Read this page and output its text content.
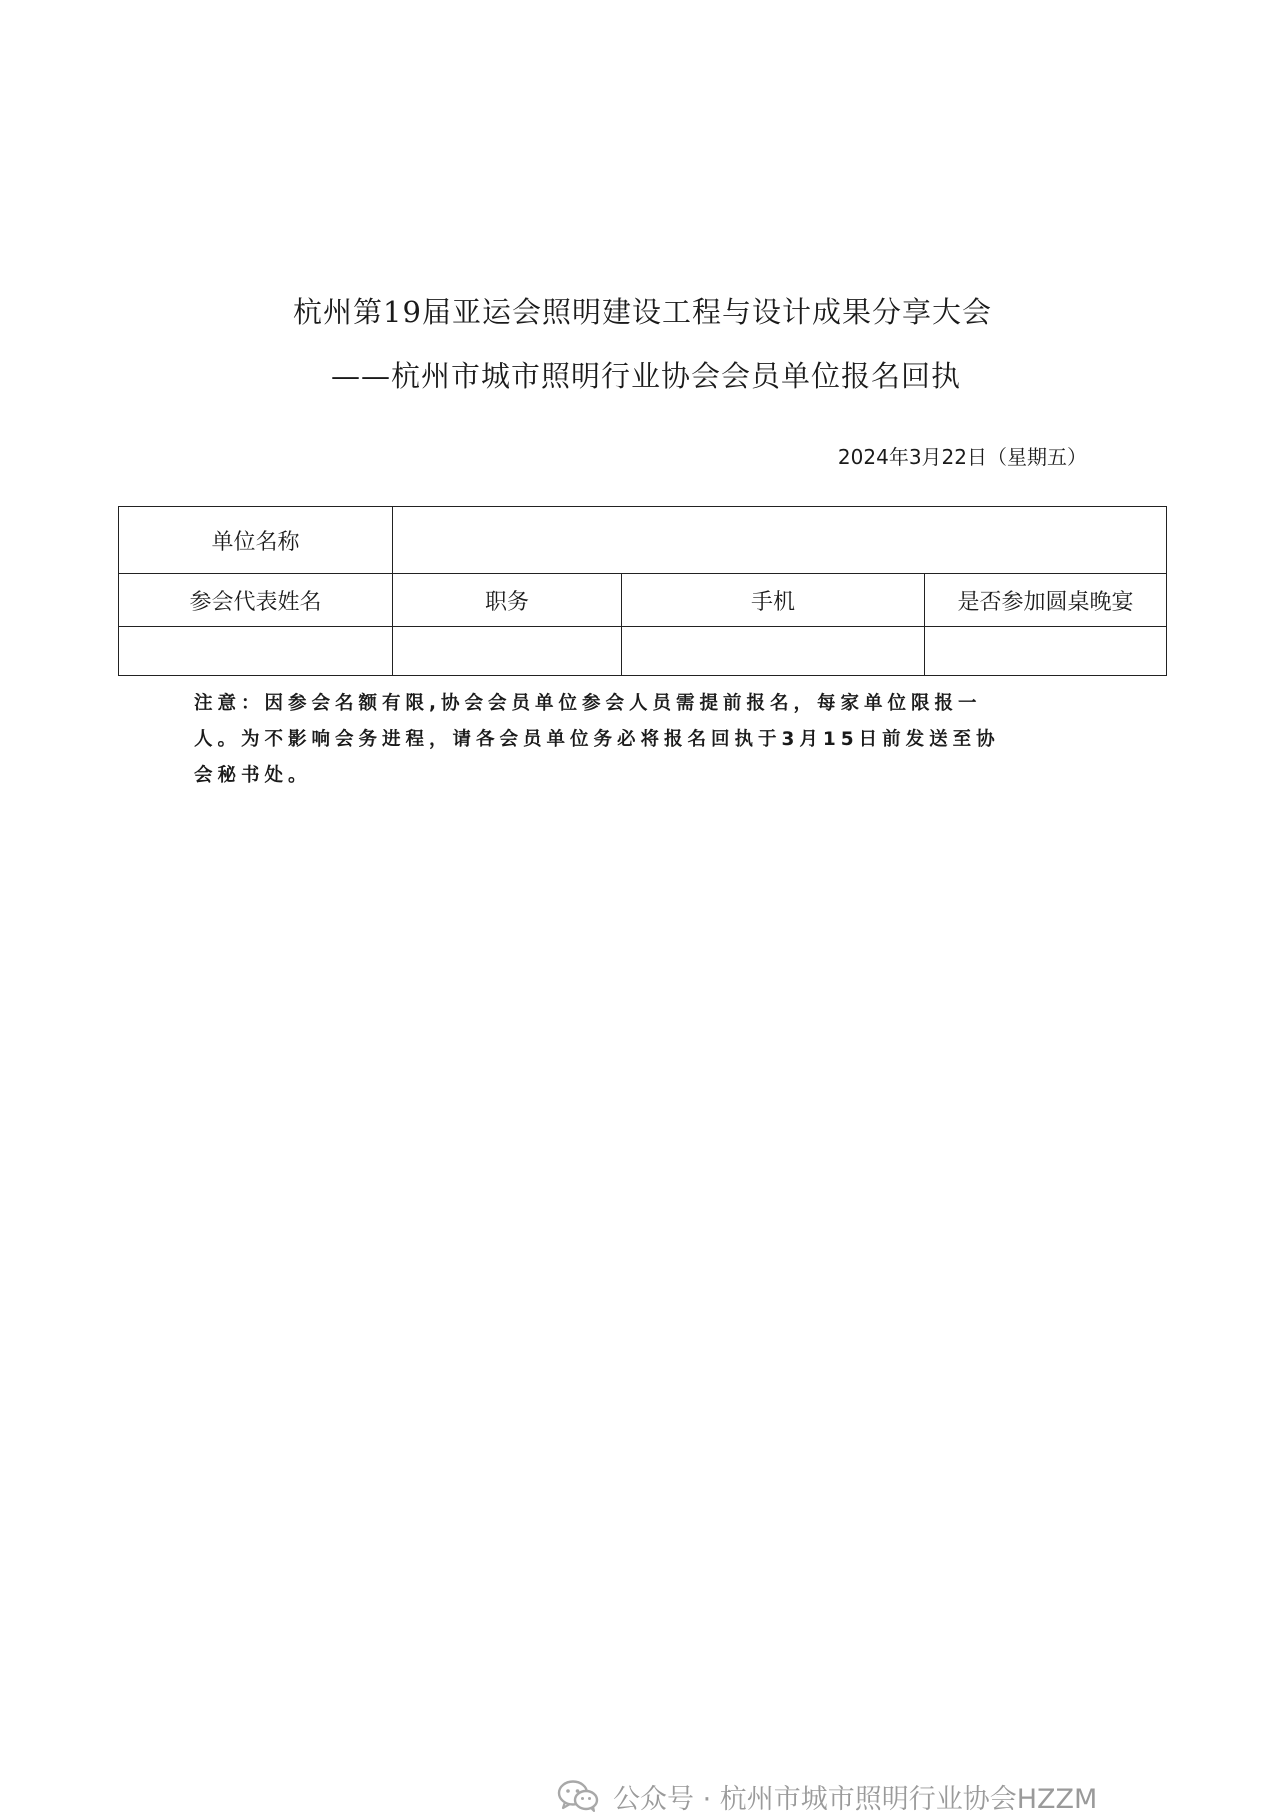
杭州第19届亚运会照明建设工程与设计成果分享大会
——杭州市城市照明行业协会会员单位报名回执
2024年3月22日（星期五）
单位名称			
参会代表姓名	职务	手机	是否参加圆桌晚宴

注意：因参会名额有限,协会会员单位参会人员需提前报名，每家单位限报一
人。为不影响会务进程，请各会员单位务必将报名回执于3月15日前发送至协
会秘书处。
公众号 · 杭州市城市照明行业协会HZZM
